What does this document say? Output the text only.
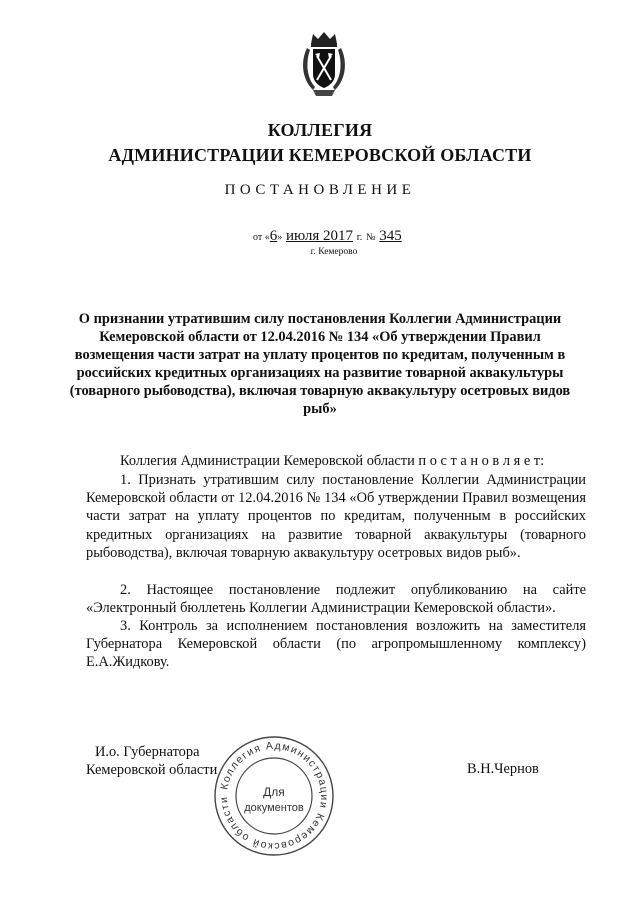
КОЛЛЕГИЯ
АДМИНИСТРАЦИИ КЕМЕРОВСКОЙ ОБЛАСТИ
ПОСТАНОВЛЕНИЕ
от «6» июля 2017 г. № 345
г. Кемерово
О признании утратившим силу постановления Коллегии Администрации Кемеровской области от 12.04.2016 № 134 «Об утверждении Правил возмещения части затрат на уплату процентов по кредитам, полученным в российских кредитных организациях на развитие товарной аквакультуры (товарного рыбоводства), включая товарную аквакультуру осетровых видов рыб»
Коллегия Администрации Кемеровской области п о с т а н о в л я е т:
1. Признать утратившим силу постановление Коллегии Администрации Кемеровской области от 12.04.2016 № 134 «Об утверждении Правил возмещения части затрат на уплату процентов по кредитам, полученным в российских кредитных организациях на развитие товарной аквакультуры (товарного рыбоводства), включая товарную аквакультуру осетровых видов рыб».
2. Настоящее постановление подлежит опубликованию на сайте «Электронный бюллетень Коллегии Администрации Кемеровской области».
3. Контроль за исполнением постановления возложить на заместителя Губернатора Кемеровской области (по агропромышленному комплексу) Е.А.Жидкову.
И.о. Губернатора
Кемеровской области	В.Н.Чернов
Коллегия Администрации Кемеровской области
Для
документов
